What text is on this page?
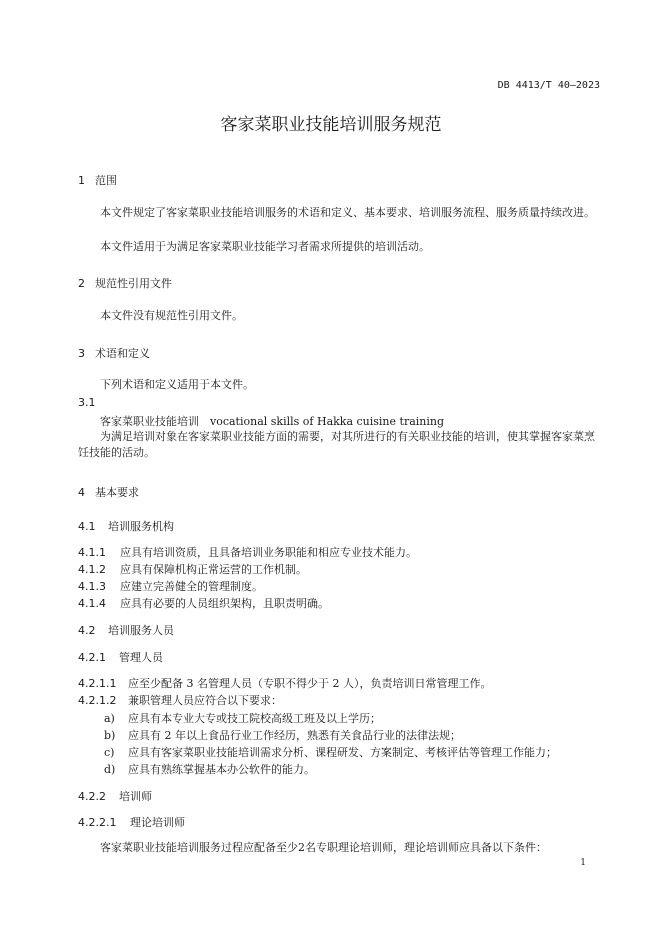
DB 4413/T 40—2023
客家菜职业技能培训服务规范
1 范围
本文件规定了客家菜职业技能培训服务的术语和定义、基本要求、培训服务流程、服务质量持续改进。
本文件适用于为满足客家菜职业技能学习者需求所提供的培训活动。
2 规范性引用文件
本文件没有规范性引用文件。
3 术语和定义
下列术语和定义适用于本文件。
3.1
客家菜职业技能培训 vocational skills of Hakka cuisine training
为满足培训对象在客家菜职业技能方面的需要，对其所进行的有关职业技能的培训，使其掌握客家菜烹饪技能的活动。
4 基本要求
4.1 培训服务机构
4.1.1 应具有培训资质，且具备培训业务职能和相应专业技术能力。
4.1.2 应具有保障机构正常运营的工作机制。
4.1.3 应建立完善健全的管理制度。
4.1.4 应具有必要的人员组织架构，且职责明确。
4.2 培训服务人员
4.2.1 管理人员
4.2.1.1 应至少配备 3 名管理人员（专职不得少于 2 人），负责培训日常管理工作。
4.2.1.2 兼职管理人员应符合以下要求：
a) 应具有本专业大专或技工院校高级工班及以上学历；
b) 应具有 2 年以上食品行业工作经历，熟悉有关食品行业的法律法规；
c) 应具有客家菜职业技能培训需求分析、课程研发、方案制定、考核评估等管理工作能力；
d) 应具有熟练掌握基本办公软件的能力。
4.2.2 培训师
4.2.2.1 理论培训师
客家菜职业技能培训服务过程应配备至少2名专职理论培训师，理论培训师应具备以下条件：
1
